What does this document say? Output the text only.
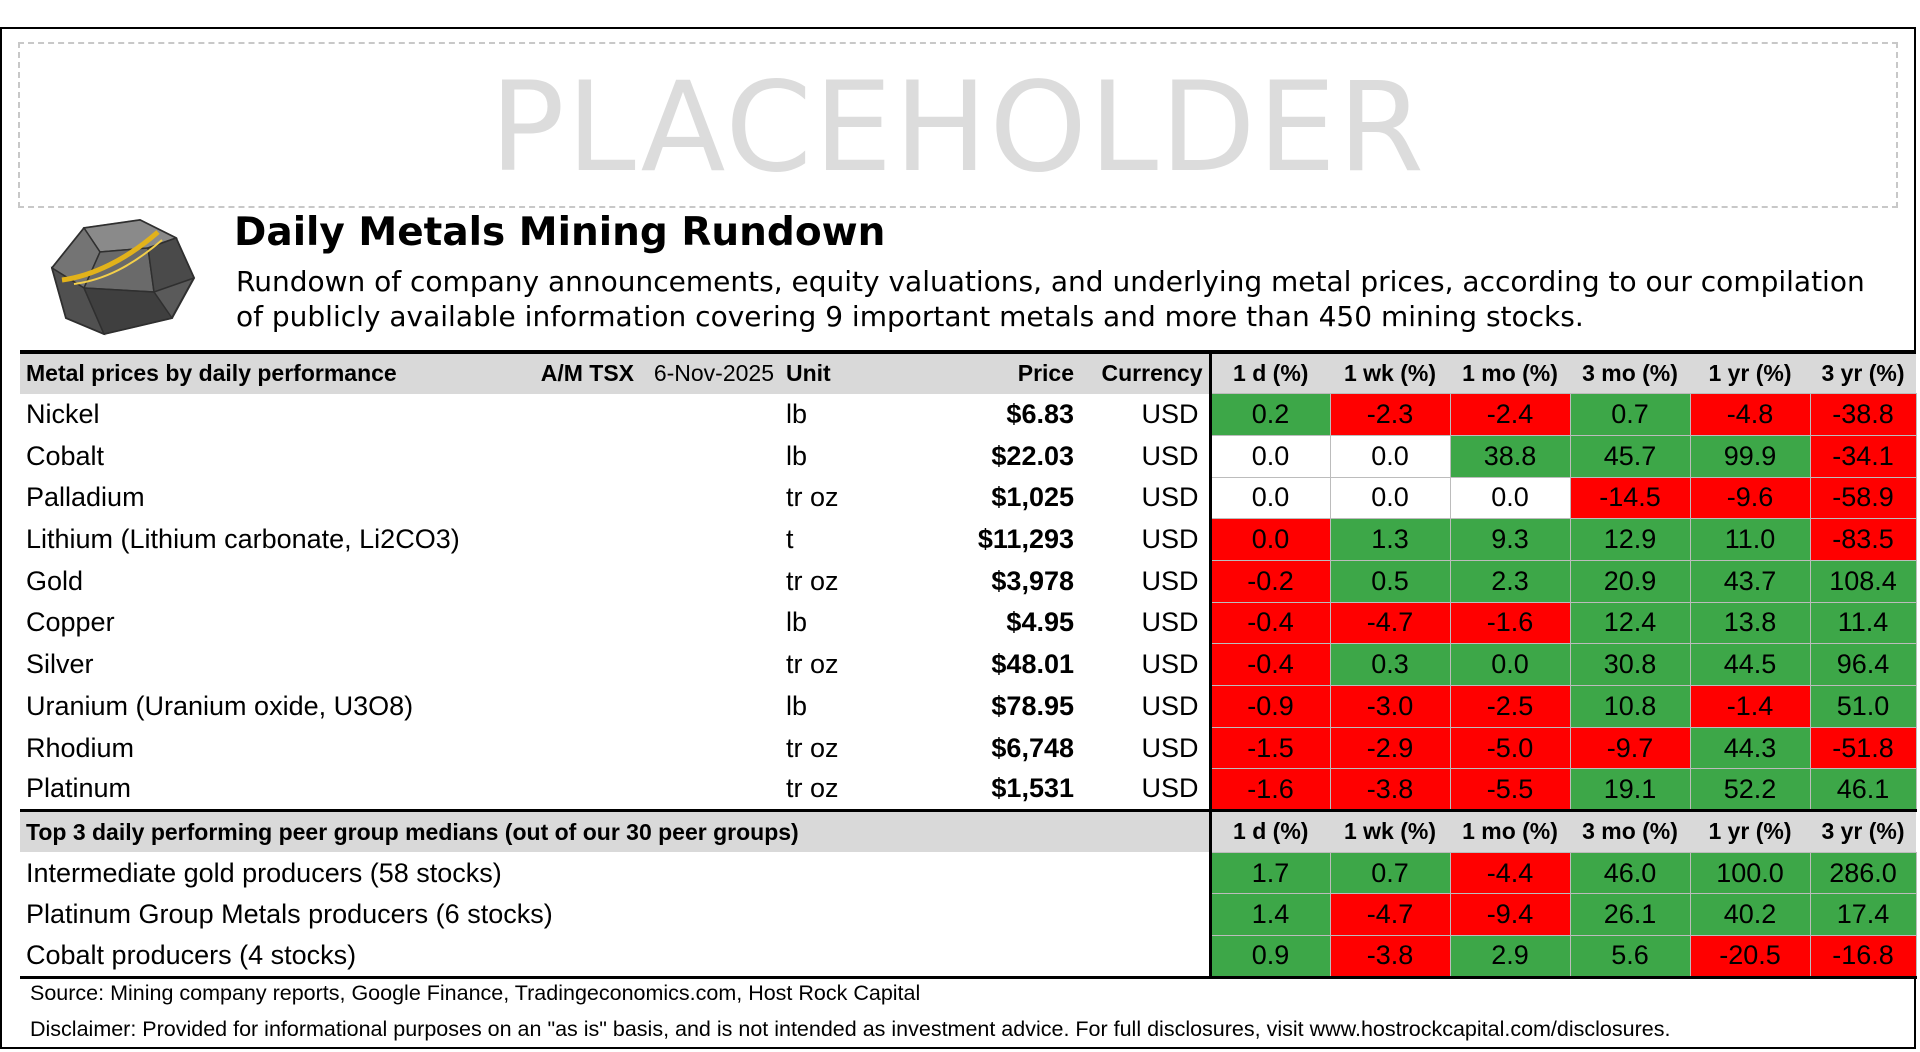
PLACEHOLDER
Daily Metals Mining Rundown

Rundown of company announcements, equity valuations, and underlying metal prices, according to our compilation of publicly available information covering 9 important metals and more than 450 mining stocks.

Metal prices by daily performance	A/M TSX	6-Nov-2025	Unit	Price	Currency	1 d (%)	1 wk (%)	1 mo (%)	3 mo (%)	1 yr (%)	3 yr (%)
Nickel			lb	$6.83	USD	0.2	-2.3	-2.4	0.7	-4.8	-38.8
Cobalt			lb	$22.03	USD	0.0	0.0	38.8	45.7	99.9	-34.1
Palladium			tr oz	$1,025	USD	0.0	0.0	0.0	-14.5	-9.6	-58.9
Lithium (Lithium carbonate, Li2CO3)			t	$11,293	USD	0.0	1.3	9.3	12.9	11.0	-83.5
Gold			tr oz	$3,978	USD	-0.2	0.5	2.3	20.9	43.7	108.4
Copper			lb	$4.95	USD	-0.4	-4.7	-1.6	12.4	13.8	11.4
Silver			tr oz	$48.01	USD	-0.4	0.3	0.0	30.8	44.5	96.4
Uranium (Uranium oxide, U3O8)			lb	$78.95	USD	-0.9	-3.0	-2.5	10.8	-1.4	51.0
Rhodium			tr oz	$6,748	USD	-1.5	-2.9	-5.0	-9.7	44.3	-51.8
Platinum			tr oz	$1,531	USD	-1.6	-3.8	-5.5	19.1	52.2	46.1
Top 3 daily performing peer group medians (out of our 30 peer groups)						1 d (%)	1 wk (%)	1 mo (%)	3 mo (%)	1 yr (%)	3 yr (%)
Intermediate gold producers (58 stocks)						1.7	0.7	-4.4	46.0	100.0	286.0
Platinum Group Metals producers (6 stocks)						1.4	-4.7	-9.4	26.1	40.2	17.4
Cobalt producers (4 stocks)						0.9	-3.8	2.9	5.6	-20.5	-16.8
Source: Mining company reports, Google Finance, Tradingeconomics.com, Host Rock Capital
Disclaimer: Provided for informational purposes on an "as is" basis, and is not intended as investment advice. For full disclosures, visit www.hostrockcapital.com/disclosures.
